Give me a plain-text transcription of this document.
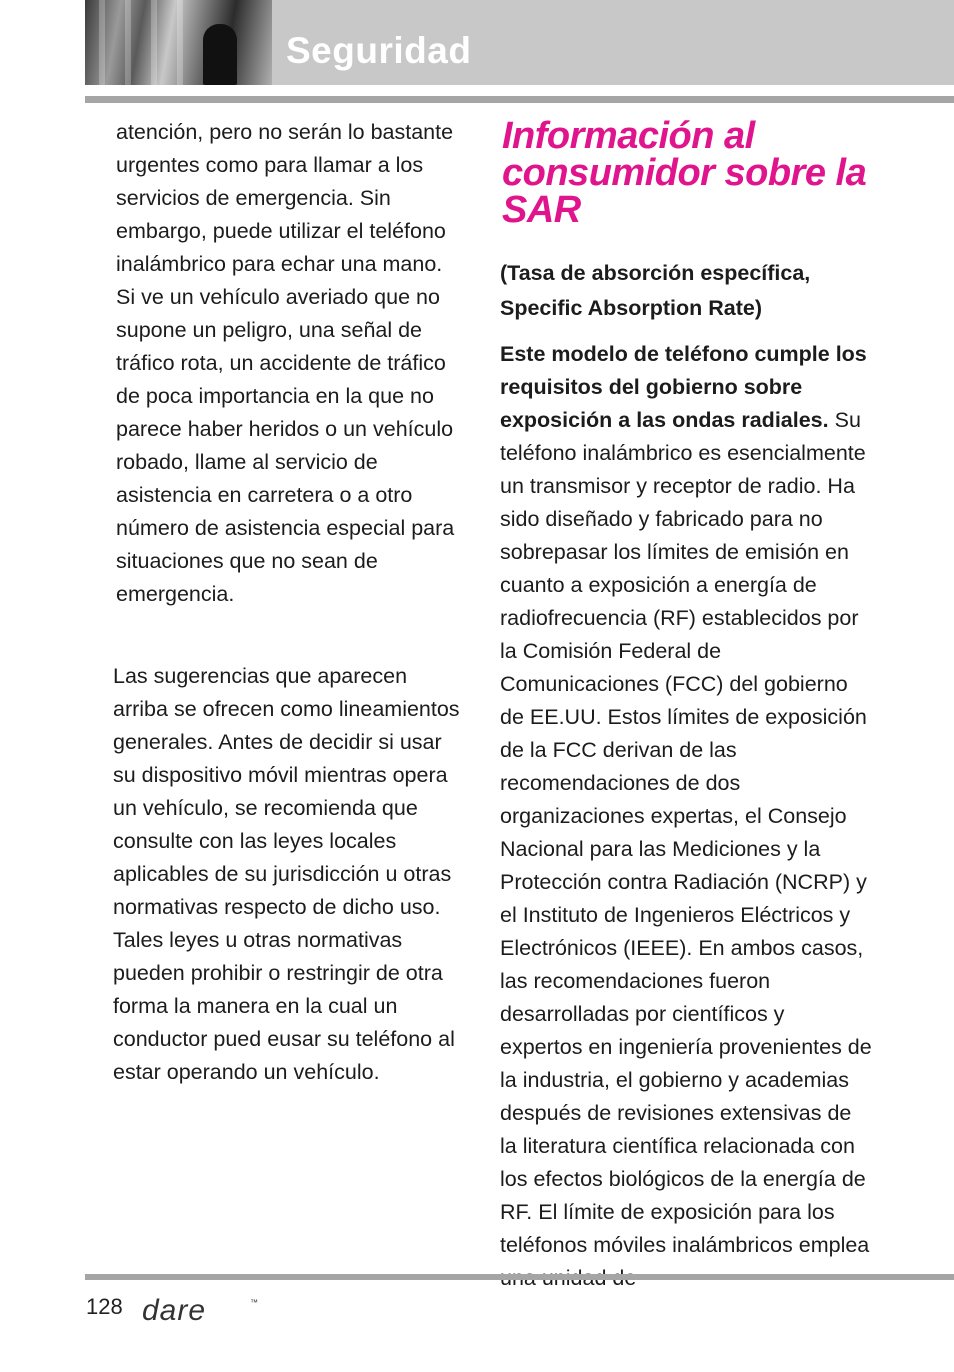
Seguridad

atención, pero no serán lo bastante urgentes como para llamar a los servicios de emergencia. Sin embargo, puede utilizar el teléfono inalámbrico para echar una mano.

Si ve un vehículo averiado que no supone un peligro, una señal de tráfico rota, un accidente de tráfico de poca importancia en la que no parece haber heridos o un vehículo robado, llame al servicio de asistencia en carretera o a otro número de asistencia especial para situaciones que no sean de emergencia.

Las sugerencias que aparecen arriba se ofrecen como lineamientos generales. Antes de decidir si usar su dispositivo móvil mientras opera un vehículo, se recomienda que consulte con las leyes locales aplicables de su jurisdicción u otras normativas respecto de dicho uso. Tales leyes u otras normativas pueden prohibir o restringir de otra forma la manera en la cual un conductor pued eusar su teléfono al estar operando un vehículo.

Información al consumidor sobre la SAR

(Tasa de absorción específica, Specific Absorption Rate)

Este modelo de teléfono cumple los requisitos del gobierno sobre exposición a las ondas radiales. Su teléfono inalámbrico es esencialmente un transmisor y receptor de radio. Ha sido diseñado y fabricado para no sobrepasar los límites de emisión en cuanto a exposición a energía de radiofrecuencia (RF) establecidos por la Comisión Federal de Comunicaciones (FCC) del gobierno de EE.UU. Estos límites de exposición de la FCC derivan de las recomendaciones de dos organizaciones expertas, el Consejo Nacional para las Mediciones y la Protección contra Radiación (NCRP) y el Instituto de Ingenieros Eléctricos y Electrónicos (IEEE). En ambos casos, las recomendaciones fueron desarrolladas por científicos y expertos en ingeniería provenientes de la industria, el gobierno y academias después de revisiones extensivas de la literatura científica relacionada con los efectos biológicos de la energía de RF. El límite de exposición para los teléfonos móviles inalámbricos emplea

128 dare	™
